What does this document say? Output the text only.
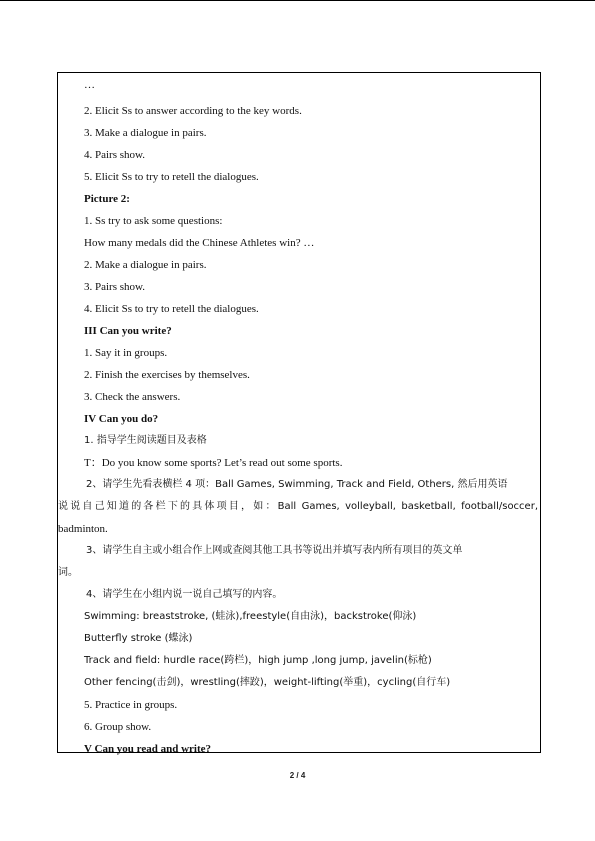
…
2. Elicit Ss to answer according to the key words.
3. Make a dialogue in pairs.
4. Pairs show.
5. Elicit Ss to try to retell the dialogues.
Picture 2:
1. Ss try to ask some questions:
How many medals did the Chinese Athletes win? …
2. Make a dialogue in pairs.
3. Pairs show.
4. Elicit Ss to try to retell the dialogues.
III Can you write?
1. Say it in groups.
2. Finish the exercises by themselves.
3. Check the answers.
IV Can you do?
1. 指导学生阅读题目及表格
T：Do you know some sports? Let’s read out some sports.
2、请学生先看表横栏 4 项：Ball Games, Swimming, Track and Field, Others, 然后用英语
说说自己知道的各栏下的具体项目，如：Ball Games, volleyball, basketball, football/soccer,
badminton.
3、请学生自主或小组合作上网或查阅其他工具书等说出并填写表内所有项目的英文单
词。
4、请学生在小组内说一说自己填写的内容。
Swimming: breaststroke, (蛙泳),freestyle(自由泳)，backstroke(仰泳)
Butterfly stroke (蝶泳)
Track and field: hurdle race(跨栏)，high jump ,long jump, javelin(标枪)
Other fencing(击剑)，wrestling(摔跤)，weight-lifting(举重)，cycling(自行车)
5. Practice in groups.
6. Group show.
V Can you read and write?
2 / 4
